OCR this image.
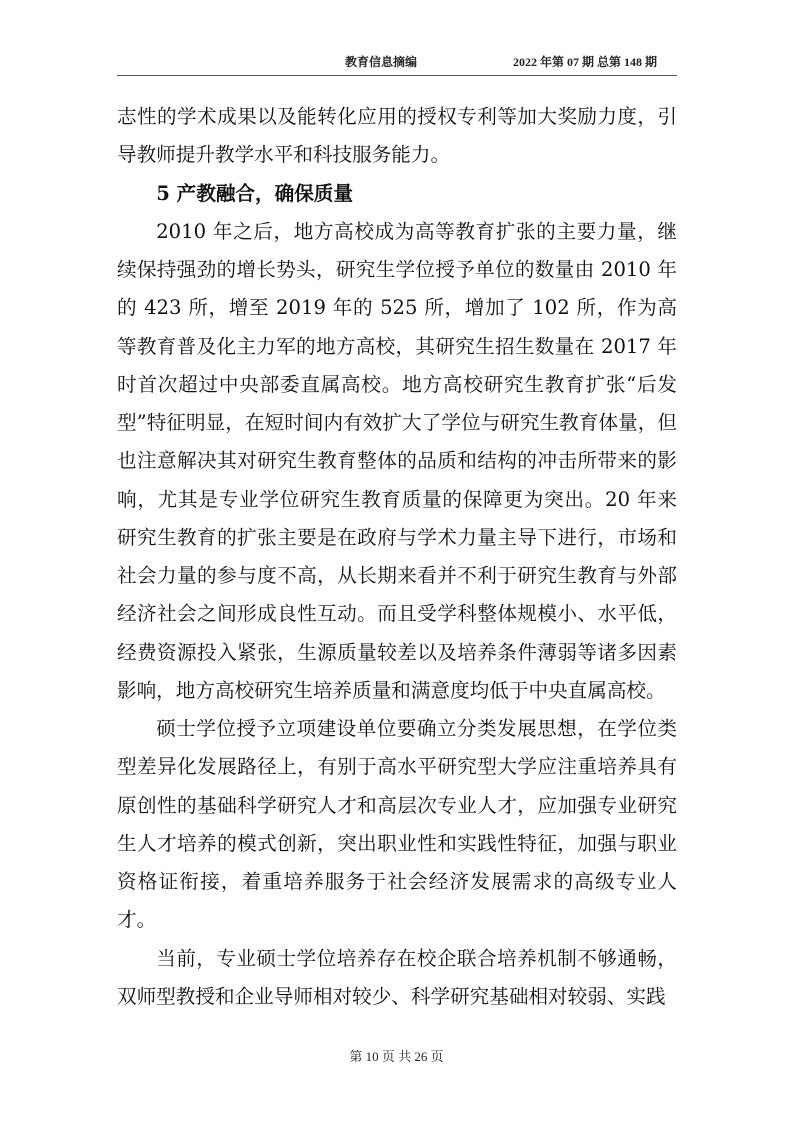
教育信息摘编	2022 年第 07 期 总第 148 期

志性的学术成果以及能转化应用的授权专利等加大奖励力度，引导教师提升教学水平和科技服务能力。

5 产教融合，确保质量

2010 年之后，地方高校成为高等教育扩张的主要力量，继续保持强劲的增长势头，研究生学位授予单位的数量由 2010 年的 423 所，增至 2019 年的 525 所，增加了 102 所，作为高等教育普及化主力军的地方高校，其研究生招生数量在 2017 年时首次超过中央部委直属高校。地方高校研究生教育扩张“后发型”特征明显，在短时间内有效扩大了学位与研究生教育体量，但也注意解决其对研究生教育整体的品质和结构的冲击所带来的影响，尤其是专业学位研究生教育质量的保障更为突出。20 年来研究生教育的扩张主要是在政府与学术力量主导下进行，市场和社会力量的参与度不高，从长期来看并不利于研究生教育与外部经济社会之间形成良性互动。而且受学科整体规模小、水平低，经费资源投入紧张，生源质量较差以及培养条件薄弱等诸多因素影响，地方高校研究生培养质量和满意度均低于中央直属高校。

硕士学位授予立项建设单位要确立分类发展思想，在学位类型差异化发展路径上，有别于高水平研究型大学应注重培养具有原创性的基础科学研究人才和高层次专业人才，应加强专业研究生人才培养的模式创新，突出职业性和实践性特征，加强与职业资格证衔接，着重培养服务于社会经济发展需求的高级专业人才。

当前，专业硕士学位培养存在校企联合培养机制不够通畅，双师型教授和企业导师相对较少、科学研究基础相对较弱、实践

第 10 页 共 26 页
